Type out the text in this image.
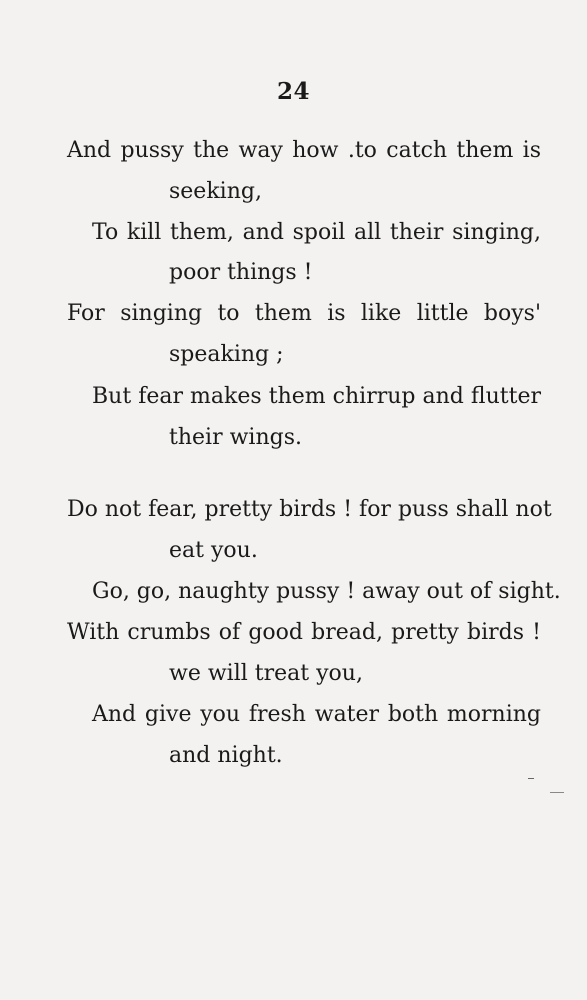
24
And pussy the way how .to catch them is
seeking,
To kill them, and spoil all their singing,
poor things !
For singing to them is like little boys'
speaking ;
But fear makes them chirrup and flutter
their wings.
Do not fear, pretty birds ! for puss shall not
eat you.
Go, go, naughty pussy ! away out of sight.
With crumbs of good bread, pretty birds !
we will treat you,
And give you fresh water both morning
and night.
